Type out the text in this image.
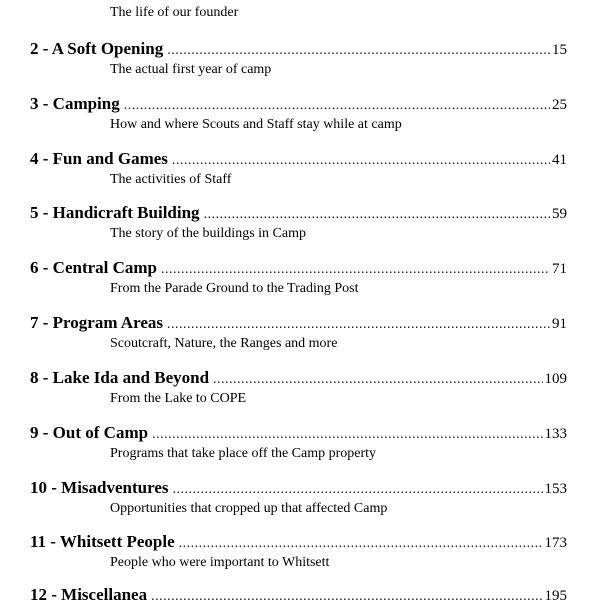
The life of our founder
2 - A Soft Opening .....	15
The actual first year of camp
3 - Camping .....	25
How and where Scouts and Staff stay while at camp
4 - Fun and Games .....	41
The activities of Staff
5 - Handicraft Building .....	59
The story of the buildings in Camp
6 - Central Camp .....	71
From the Parade Ground to the Trading Post
7 - Program Areas .....	91
Scoutcraft, Nature, the Ranges and more
8 - Lake Ida and Beyond .....	109
From the Lake to COPE
9 - Out of Camp .....	133
Programs that take place off the Camp property
10 - Misadventures .....	153
Opportunities that cropped up that affected Camp
11 - Whitsett People .....	173
People who were important to Whitsett
12 - Miscellanea .....	195
